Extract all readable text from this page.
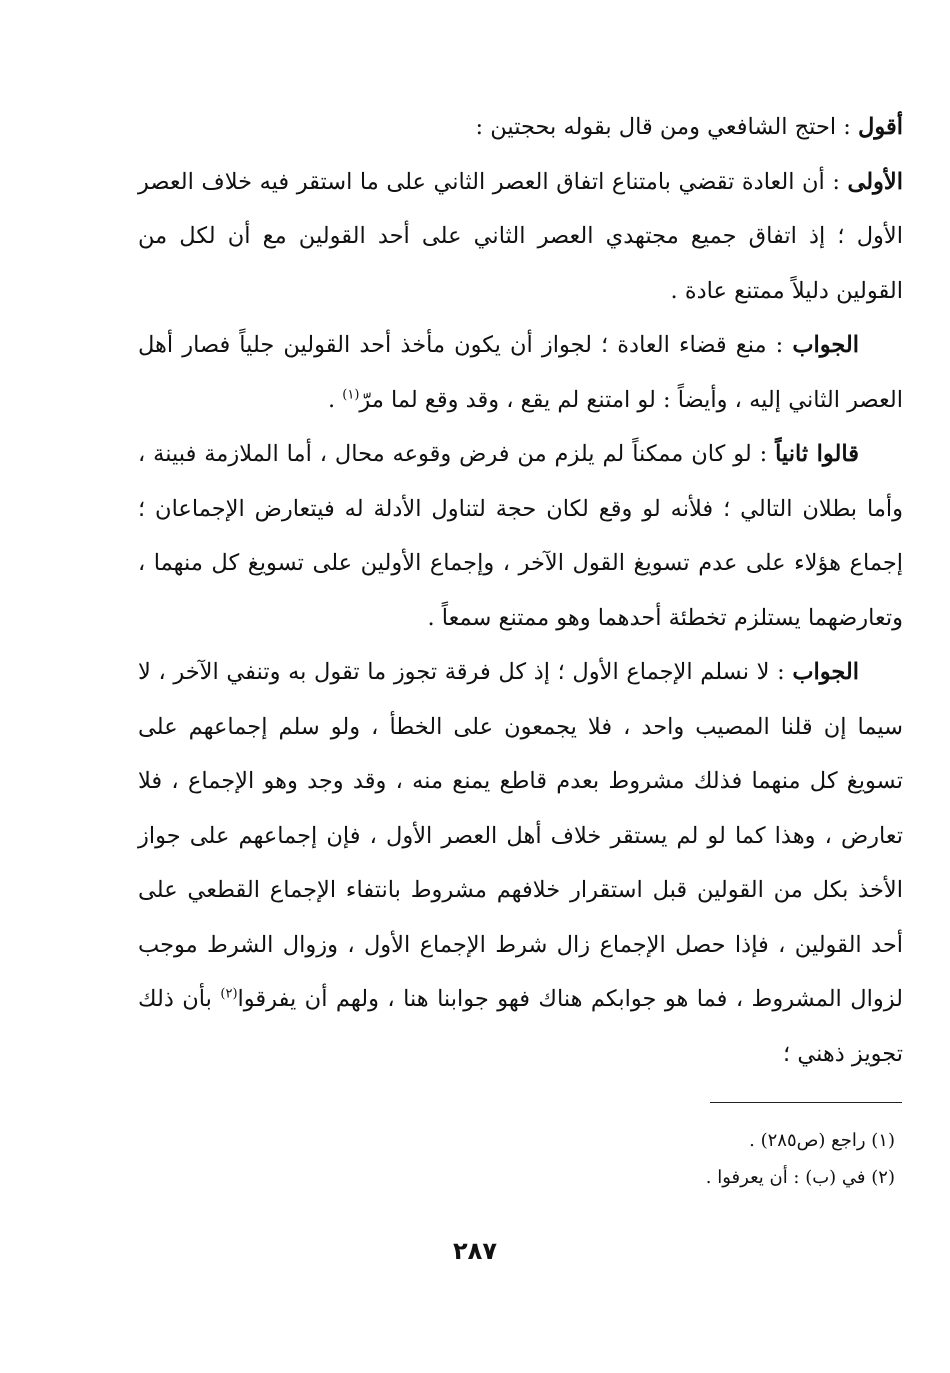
أقول : احتج الشافعي ومن قال بقوله بحجتين :

الأولى : أن العادة تقضي بامتناع اتفاق العصر الثاني على ما استقر فيه خلاف العصر الأول ؛ إذ اتفاق جميع مجتهدي العصر الثاني على أحد القولين مع أن لكل من القولين دليلاً ممتنع عادة .

الجواب : منع قضاء العادة ؛ لجواز أن يكون مأخذ أحد القولين جلياً فصار أهل العصر الثاني إليه ، وأيضاً : لو امتنع لم يقع ، وقد وقع لما مرّ$^{(١)}$ .

قالوا ثانياً : لو كان ممكناً لم يلزم من فرض وقوعه محال ، أما الملازمة فبينة ، وأما بطلان التالي ؛ فلأنه لو وقع لكان حجة لتناول الأدلة له فيتعارض الإجماعان ؛ إجماع هؤلاء على عدم تسويغ القول الآخر ، وإجماع الأولين على تسويغ كل منهما ، وتعارضهما يستلزم تخطئة أحدهما وهو ممتنع سمعاً .

الجواب : لا نسلم الإجماع الأول ؛ إذ كل فرقة تجوز ما تقول به وتنفي الآخر ، لا سيما إن قلنا المصيب واحد ، فلا يجمعون على الخطأ ، ولو سلم إجماعهم على تسويغ كل منهما فذلك مشروط بعدم قاطع يمنع منه ، وقد وجد وهو الإجماع ، فلا تعارض ، وهذا كما لو لم يستقر خلاف أهل العصر الأول ، فإن إجماعهم على جواز الأخذ بكل من القولين قبل استقرار خلافهم مشروط بانتفاء الإجماع القطعي على أحد القولين ، فإذا حصل الإجماع زال شرط الإجماع الأول ، وزوال الشرط موجب لزوال المشروط ، فما هو جوابكم هناك فهو جوابنا هنا ، ولهم أن يفرقوا$^{(٢)}$ بأن ذلك تجويز ذهني ؛

(١) راجع (ص٢٨٥) .
(٢) في (ب) : أن يعرفوا .
٢٨٧
